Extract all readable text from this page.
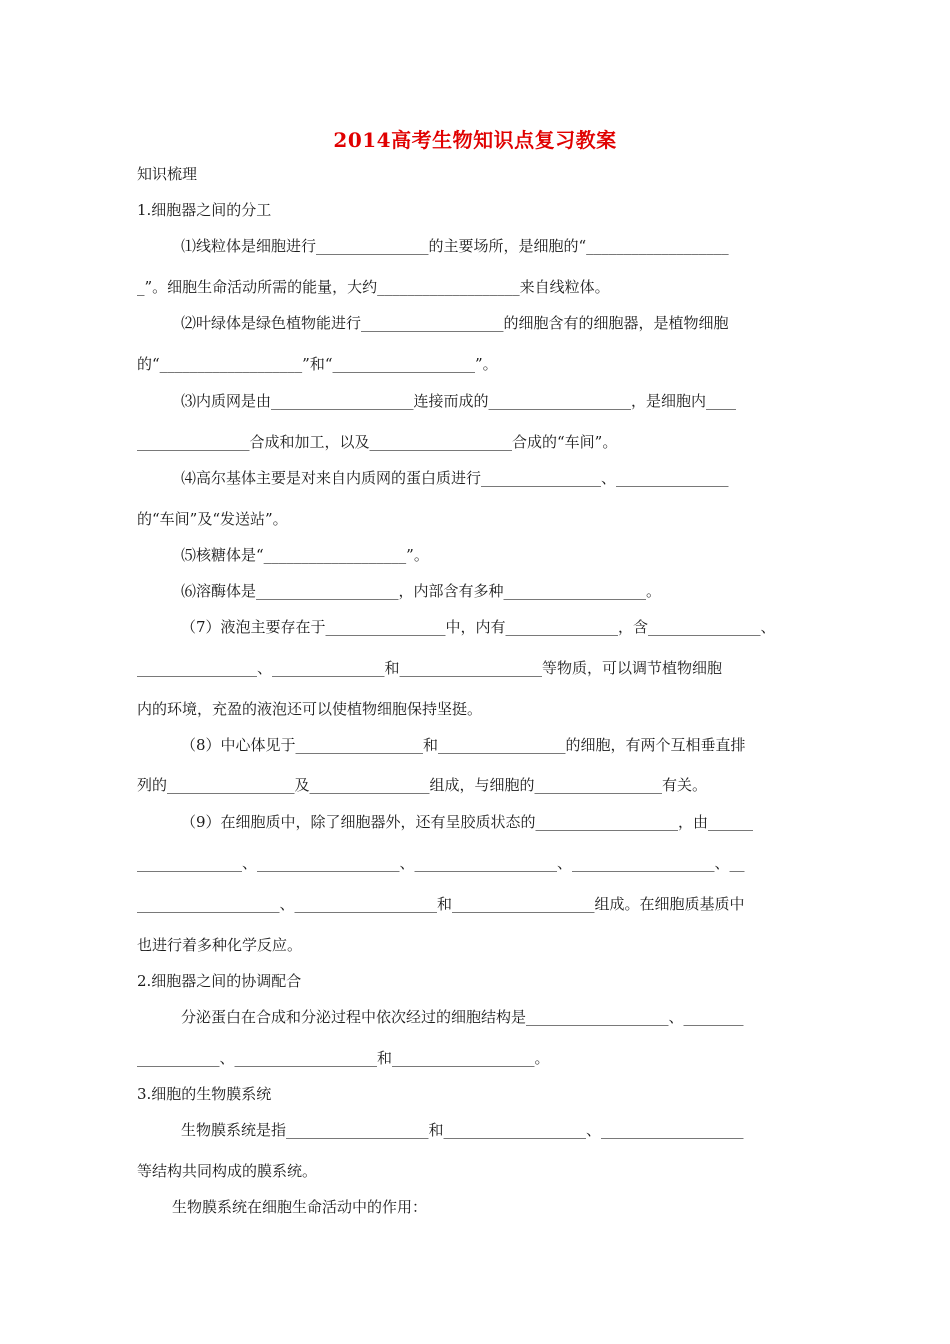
2014高考生物知识点复习教案
知识梳理
1.细胞器之间的分工
⑴线粒体是细胞进行_______________的主要场所，是细胞的“___________________
_”。细胞生命活动所需的能量，大约___________________来自线粒体。
⑵叶绿体是绿色植物能进行___________________的细胞含有的细胞器，是植物细胞
的“___________________”和“___________________”。
⑶内质网是由___________________连接而成的___________________，是细胞内____
_______________合成和加工，以及___________________合成的“车间”。
⑷高尔基体主要是对来自内质网的蛋白质进行________________、_______________
的“车间”及“发送站”。
⑸核糖体是“___________________”。
⑹溶酶体是___________________，内部含有多种___________________。
（7）液泡主要存在于________________中，内有_______________，含_______________、
________________、_______________和___________________等物质，可以调节植物细胞
内的环境，充盈的液泡还可以使植物细胞保持坚挺。
（8）中心体见于_________________和_________________的细胞，有两个互相垂直排
列的_________________及________________组成，与细胞的_________________有关。
（9）在细胞质中，除了细胞器外，还有呈胶质状态的___________________，由______
______________、___________________、___________________、___________________、__
___________________、___________________和___________________组成。在细胞质基质中
也进行着多种化学反应。
2.细胞器之间的协调配合
分泌蛋白在合成和分泌过程中依次经过的细胞结构是___________________、________
___________、___________________和___________________。
3.细胞的生物膜系统
生物膜系统是指___________________和___________________、___________________
等结构共同构成的膜系统。
生物膜系统在细胞生命活动中的作用：
